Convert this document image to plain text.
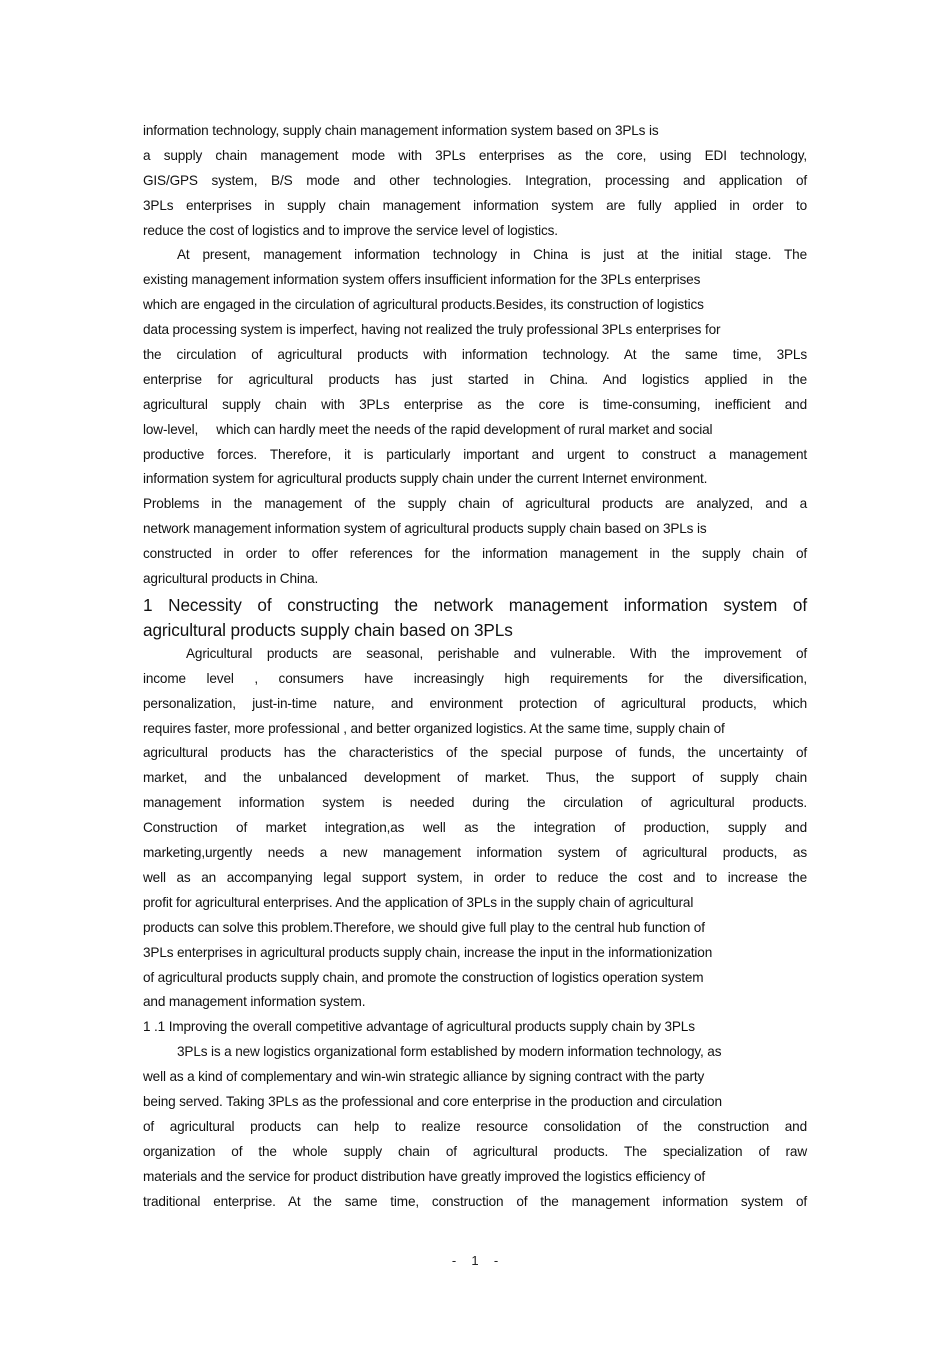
information technology, supply chain management information system based on 3PLs is
a supply chain management mode with 3PLs enterprises as the core, using EDI technology,
GIS/GPS system, B/S mode and other technologies. Integration, processing and application of
3PLs enterprises in supply chain management information system are fully applied in order to
reduce the cost of logistics and to improve the service level of logistics.
At present, management information technology in China is just at the initial stage. The
existing management information system offers insufficient information for the 3PLs enterprises
which are engaged in the circulation of agricultural products.Besides, its construction of logistics
data processing system is imperfect, having not realized the truly professional 3PLs enterprises for
the circulation of agricultural products with information technology. At the same time, 3PLs
enterprise for agricultural products has just started in China. And logistics applied in the
agricultural supply chain with 3PLs enterprise as the core is time-consuming, inefficient and
low-level,     which can hardly meet the needs of the rapid development of rural market and social
productive forces. Therefore, it is particularly important and urgent to construct a management
information system for agricultural products supply chain under the current Internet environment.
Problems in the management of the supply chain of agricultural products are analyzed, and a
network management information system of agricultural products supply chain based on 3PLs is
constructed in order to offer references for the information management in the supply chain of
agricultural products in China.
1 Necessity of constructing the network management information system of
agricultural products supply chain based on 3PLs
Agricultural products are seasonal, perishable and vulnerable. With the improvement of
income level , consumers have increasingly high requirements for the diversification,
personalization, just-in-time nature, and environment protection of agricultural products, which
requires faster, more professional , and better organized logistics. At the same time, supply chain of
agricultural products has the characteristics of the special purpose of funds, the uncertainty of
market, and the unbalanced development of market. Thus, the support of supply chain
management information system is needed during the circulation of agricultural products.
Construction of market integration,as well as the integration of production, supply and
marketing,urgently needs a new management information system of agricultural products, as
well as an accompanying legal support system, in order to reduce the cost and to increase the
profit for agricultural enterprises. And the application of 3PLs in the supply chain of agricultural
products can solve this problem.Therefore, we should give full play to the central hub function of
3PLs enterprises in agricultural products supply chain, increase the input in the informationization
of agricultural products supply chain, and promote the construction of logistics operation system
and management information system.
1 .1 Improving the overall competitive advantage of agricultural products supply chain by 3PLs
3PLs is a new logistics organizational form established by modern information technology, as
well as a kind of complementary and win-win strategic alliance by signing contract with the party
being served. Taking 3PLs as the professional and core enterprise in the production and circulation
of agricultural products can help to realize resource consolidation of the construction and
organization of the whole supply chain of agricultural products. The specialization of raw
materials and the service for product distribution have greatly improved the logistics efficiency of
traditional enterprise. At the same time, construction of the management information system of
-  1  -
